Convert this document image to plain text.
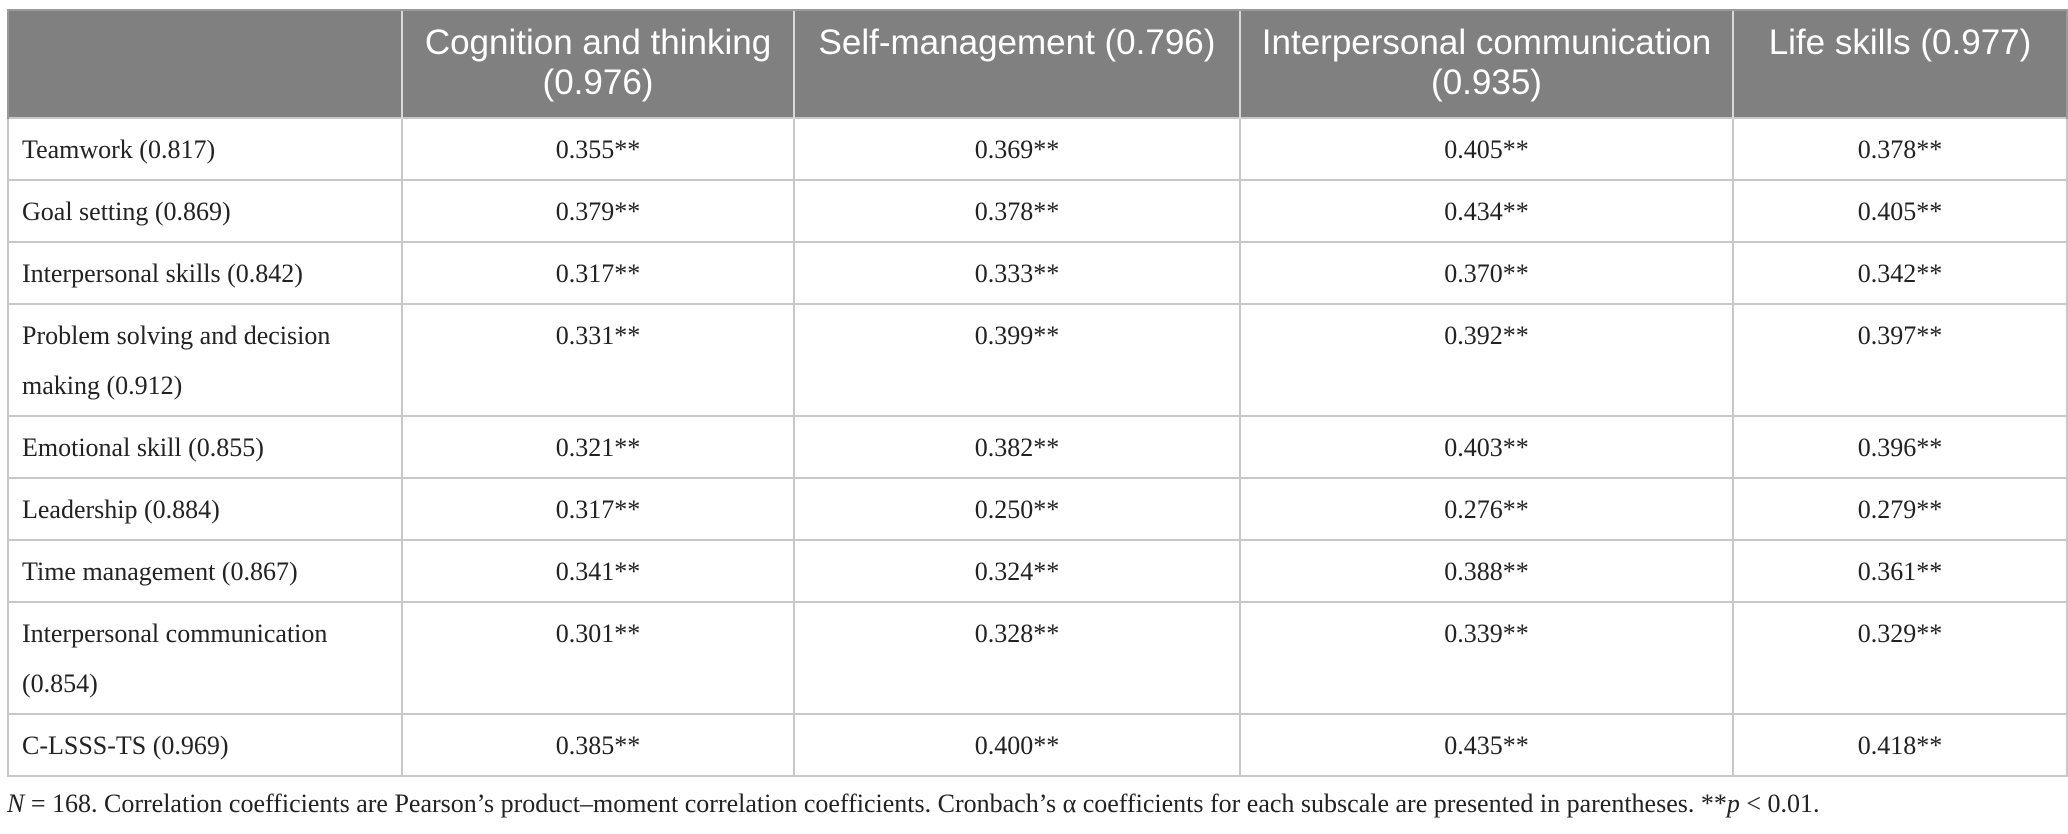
	Cognition and thinking (0.976)	Self-management (0.796)	Interpersonal communication (0.935)	Life skills (0.977)
Teamwork (0.817)	0.355**	0.369**	0.405**	0.378**
Goal setting (0.869)	0.379**	0.378**	0.434**	0.405**
Interpersonal skills (0.842)	0.317**	0.333**	0.370**	0.342**
Problem solving and decision making (0.912)	0.331**	0.399**	0.392**	0.397**
Emotional skill (0.855)	0.321**	0.382**	0.403**	0.396**
Leadership (0.884)	0.317**	0.250**	0.276**	0.279**
Time management (0.867)	0.341**	0.324**	0.388**	0.361**
Interpersonal communication (0.854)	0.301**	0.328**	0.339**	0.329**
C-LSSS-TS (0.969)	0.385**	0.400**	0.435**	0.418**
N = 168. Correlation coefficients are Pearson’s product–moment correlation coefficients. Cronbach’s α coefficients for each subscale are presented in parentheses. **p < 0.01.
